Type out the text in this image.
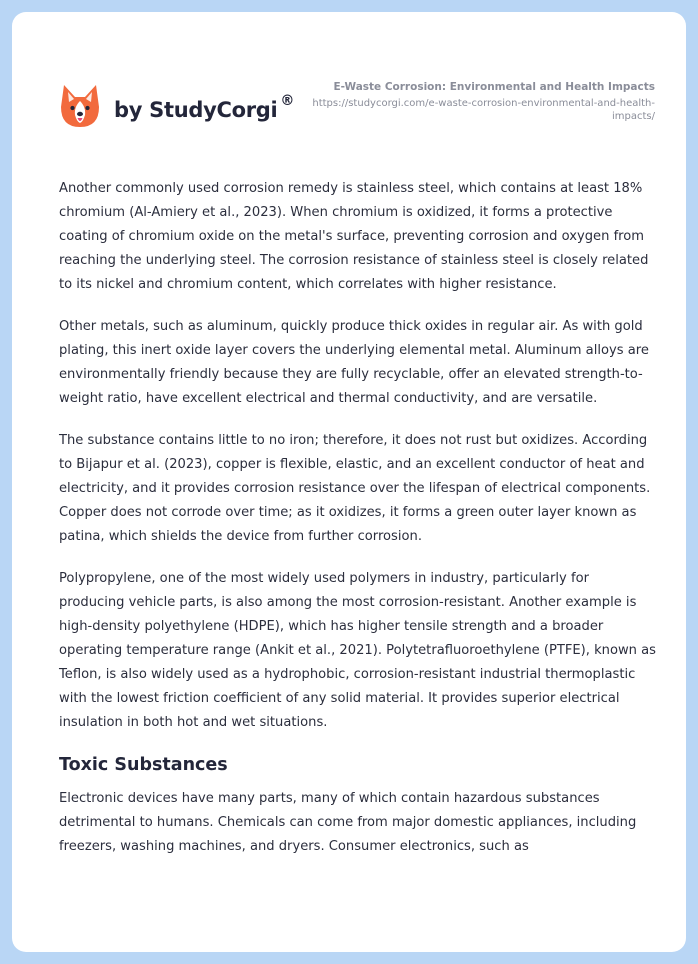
by StudyCorgi ®
E-Waste Corrosion: Environmental and Health Impacts
https://studycorgi.com/e-waste-corrosion-environmental-and-health-impacts/

Another commonly used corrosion remedy is stainless steel, which contains at least 18% chromium (Al-Amiery et al., 2023). When chromium is oxidized, it forms a protective coating of chromium oxide on the metal's surface, preventing corrosion and oxygen from reaching the underlying steel. The corrosion resistance of stainless steel is closely related to its nickel and chromium content, which correlates with higher resistance.

Other metals, such as aluminum, quickly produce thick oxides in regular air. As with gold plating, this inert oxide layer covers the underlying elemental metal. Aluminum alloys are environmentally friendly because they are fully recyclable, offer an elevated strength-to-weight ratio, have excellent electrical and thermal conductivity, and are versatile.

The substance contains little to no iron; therefore, it does not rust but oxidizes. According to Bijapur et al. (2023), copper is flexible, elastic, and an excellent conductor of heat and electricity, and it provides corrosion resistance over the lifespan of electrical components. Copper does not corrode over time; as it oxidizes, it forms a green outer layer known as patina, which shields the device from further corrosion.

Polypropylene, one of the most widely used polymers in industry, particularly for producing vehicle parts, is also among the most corrosion-resistant. Another example is high-density polyethylene (HDPE), which has higher tensile strength and a broader operating temperature range (Ankit et al., 2021). Polytetrafluoroethylene (PTFE), known as Teflon, is also widely used as a hydrophobic, corrosion-resistant industrial thermoplastic with the lowest friction coefficient of any solid material. It provides superior electrical insulation in both hot and wet situations.

Toxic Substances

Electronic devices have many parts, many of which contain hazardous substances detrimental to humans. Chemicals can come from major domestic appliances, including freezers, washing machines, and dryers. Consumer electronics, such as
